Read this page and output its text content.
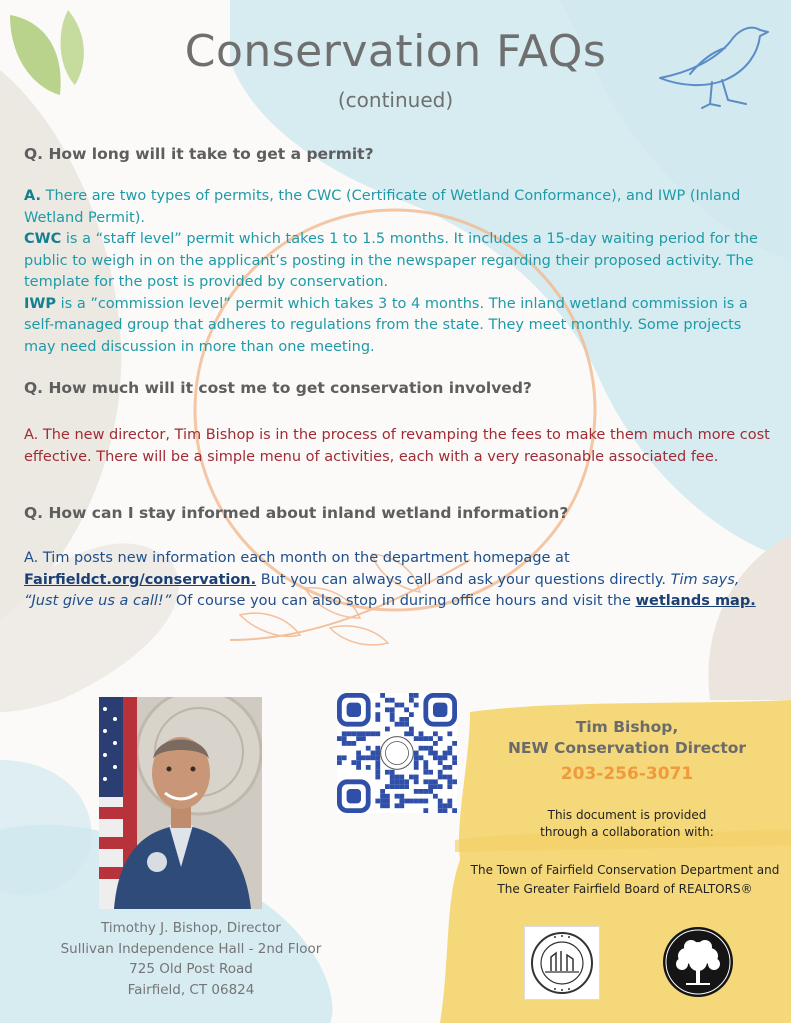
Conservation FAQs
(continued)
Q. How long will it take to get a permit?
A. There are two types of permits, the CWC (Certificate of Wetland Conformance), and IWP (Inland Wetland Permit).
CWC is a “staff level” permit which takes 1 to 1.5 months. It includes a 15-day waiting period for the public to weigh in on the applicant’s posting in the newspaper regarding their proposed activity. The template for the post is provided by conservation.
IWP is a ”commission level” permit which takes 3 to 4 months. The inland wetland commission is a self-managed group that adheres to regulations from the state. They meet monthly. Some projects may need discussion in more than one meeting.
Q. How much will it cost me to get conservation involved?
A. The new director, Tim Bishop is in the process of revamping the fees to make them much more cost effective. There will be a simple menu of activities, each with a very reasonable associated fee.
Q. How can I stay informed about inland wetland information?
A. Tim posts new information each month on the department homepage at Fairfieldct.org/conservation. But you can always call and ask your questions directly. Tim says, “Just give us a call!” Of course you can also stop in during office hours and visit the wetlands map.
Timothy J. Bishop, Director
Sullivan Independence Hall - 2nd Floor
725 Old Post Road
Fairfield, CT 06824
Tim Bishop,
NEW Conservation Director
203-256-3071
This document is provided
through a collaboration with:
The Town of Fairfield Conservation Department and
The Greater Fairfield Board of REALTORS®
